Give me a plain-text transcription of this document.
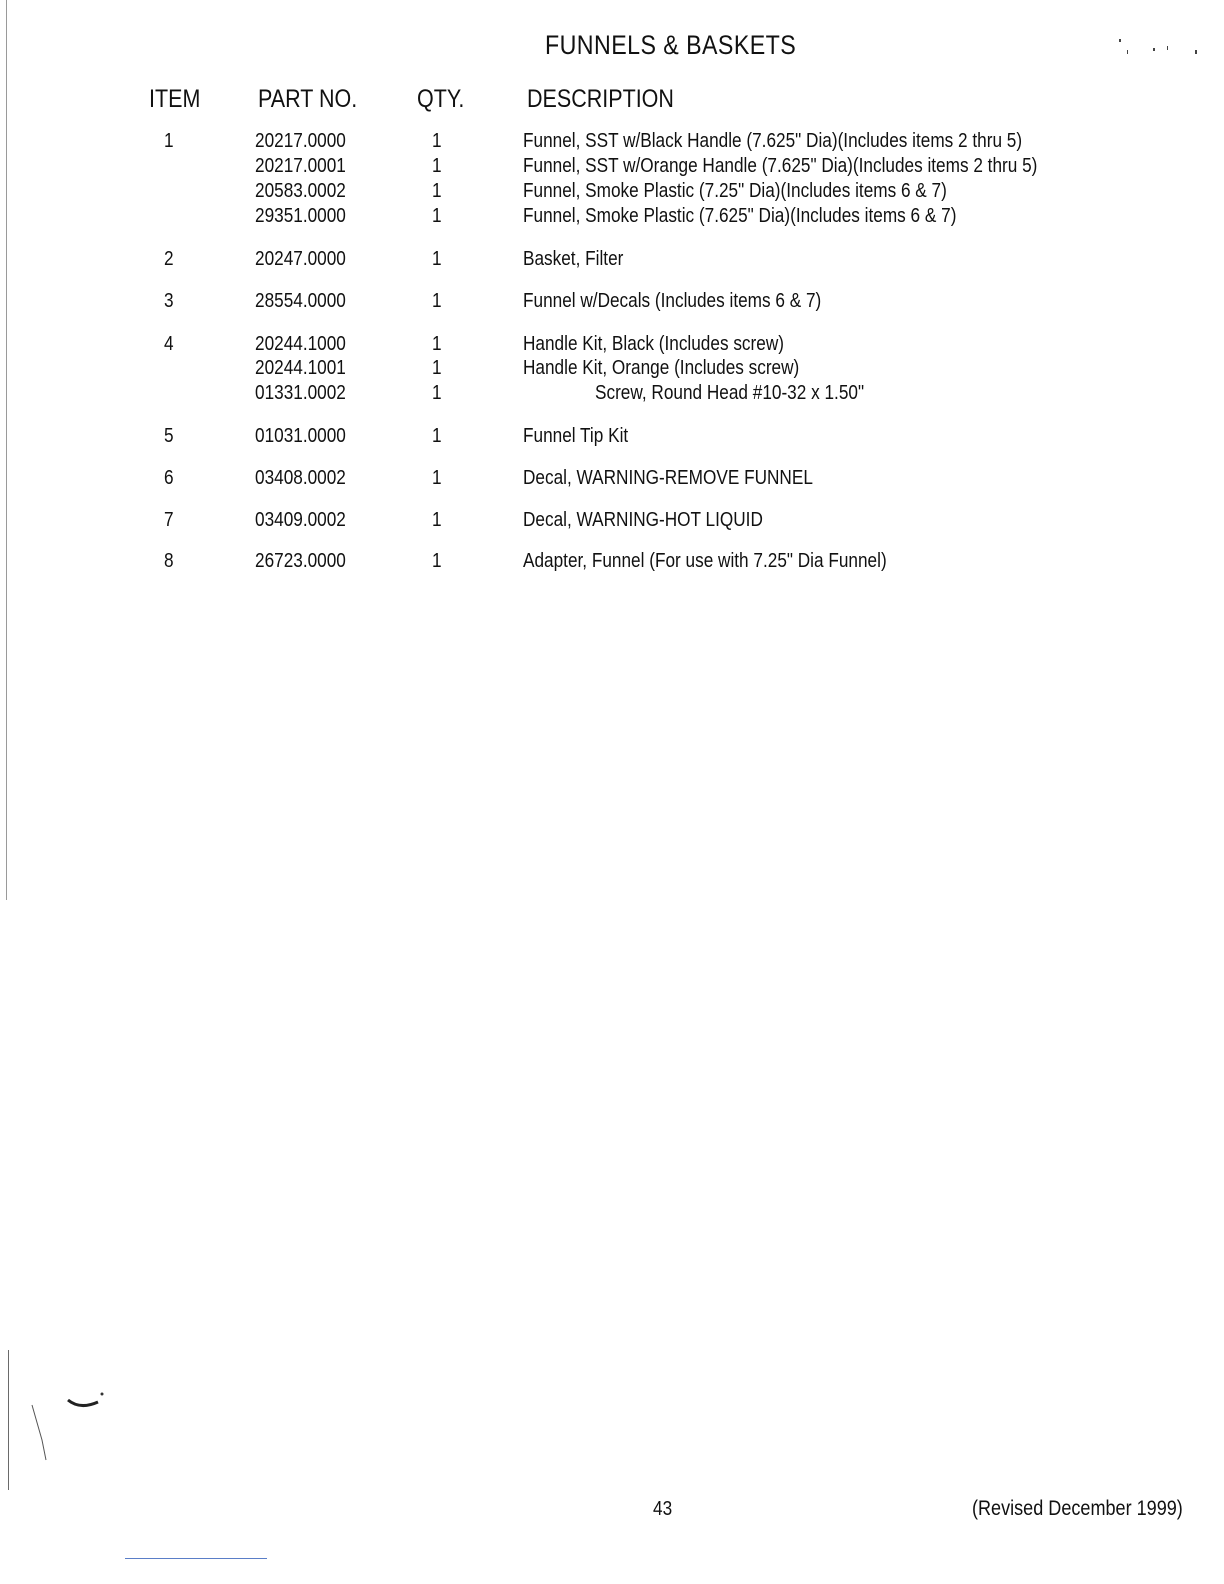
FUNNELS & BASKETS
ITEM PART NO. QTY.	DESCRIPTION
1	20217.0000	1	Funnel, SST w/Black Handle (7.625" Dia)(Includes items 2 thru 5)
20217.0001	1	Funnel, SST w/Orange Handle (7.625" Dia)(Includes items 2 thru 5)
20583.0002	1	Funnel, Smoke Plastic (7.25" Dia)(Includes items 6 & 7)
29351.0000	1	Funnel, Smoke Plastic (7.625" Dia)(Includes items 6 & 7)
2	20247.0000	1	Basket, Filter
3	28554.0000	1	Funnel w/Decals (Includes items 6 & 7)
4	20244.1000	1	Handle Kit, Black (Includes screw)
20244.1001	1	Handle Kit, Orange (Includes screw)
01331.0002	1	Screw, Round Head #10-32 x 1.50"
5	01031.0000	1	Funnel Tip Kit
6	03408.0002	1	Decal, WARNING-REMOVE FUNNEL
7	03409.0002	1	Decal, WARNING-HOT LIQUID
8	26723.0000	1	Adapter, Funnel (For use with 7.25" Dia Funnel)
43	(Revised December 1999)
